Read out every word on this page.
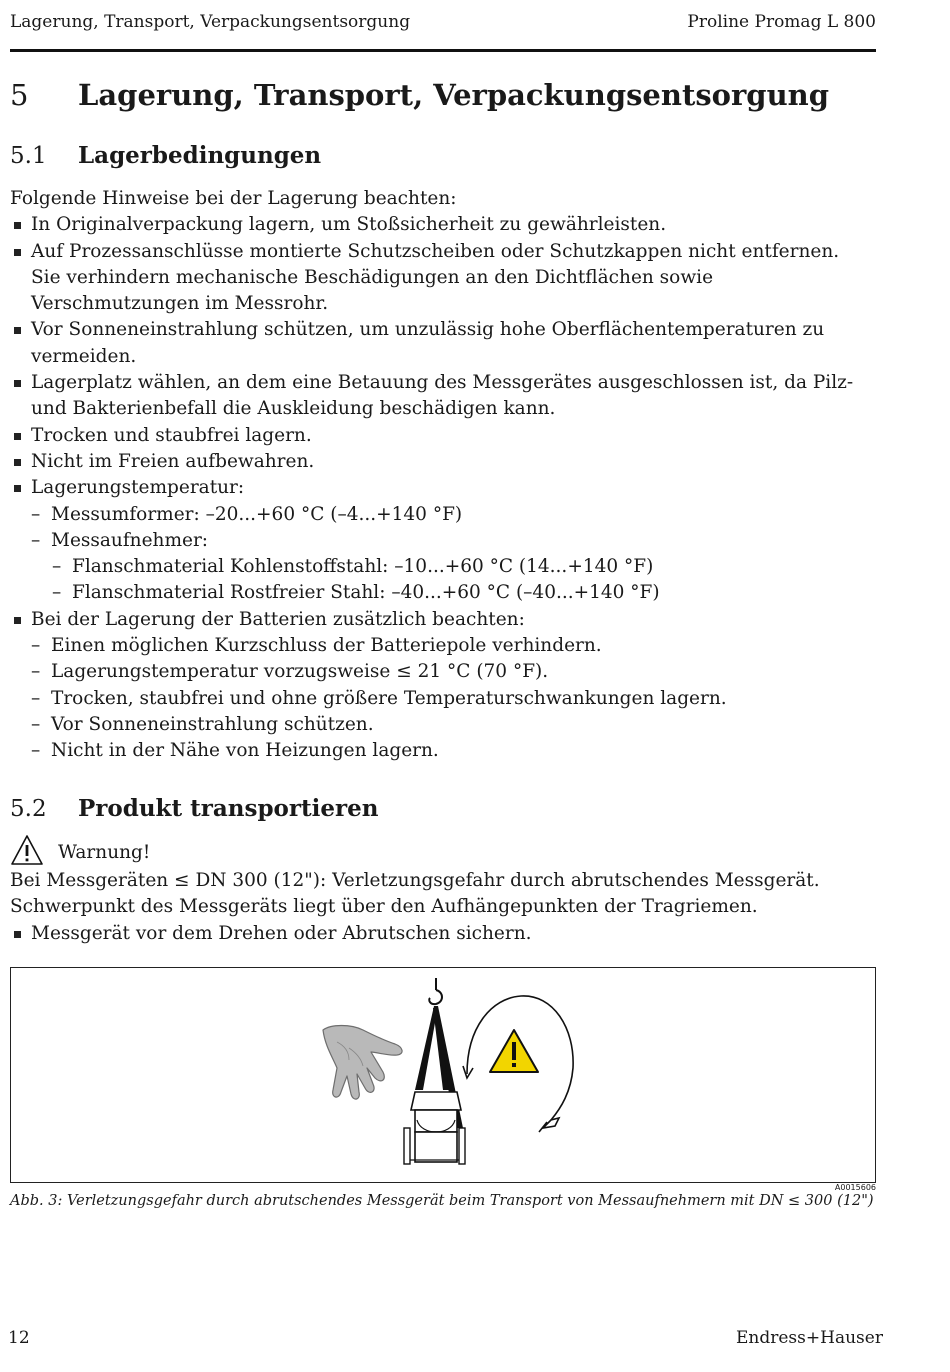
Lagerung, Transport, Verpackungsentsorgung	Proline Promag L 800
5 Lagerung, Transport, Verpackungsentsorgung
5.1 Lagerbedingungen
Folgende Hinweise bei der Lagerung beachten:
In Originalverpackung lagern, um Stoßsicherheit zu gewährleisten.
Auf Prozessanschlüsse montierte Schutzscheiben oder Schutzkappen nicht entfernen.
Sie verhindern mechanische Beschädigungen an den Dichtflächen sowie Verschmutzungen im Messrohr.
Vor Sonneneinstrahlung schützen, um unzulässig hohe Oberflächentemperaturen zu vermeiden.
Lagerplatz wählen, an dem eine Betauung des Messgerätes ausgeschlossen ist, da Pilz- und Bakterienbefall die Auskleidung beschädigen kann.
Trocken und staubfrei lagern.
Nicht im Freien aufbewahren.
Lagerungstemperatur:
– Messumformer: –20...+60 °C (–4...+140 °F)
– Messaufnehmer:
– Flanschmaterial Kohlenstoffstahl: –10...+60 °C (14...+140 °F)
– Flanschmaterial Rostfreier Stahl: –40...+60 °C (–40...+140 °F)
Bei der Lagerung der Batterien zusätzlich beachten:
– Einen möglichen Kurzschluss der Batteriepole verhindern.
– Lagerungstemperatur vorzugsweise ≤ 21 °C (70 °F).
– Trocken, staubfrei und ohne größere Temperaturschwankungen lagern.
– Vor Sonneneinstrahlung schützen.
– Nicht in der Nähe von Heizungen lagern.
5.2 Produkt transportieren
Warnung!
Bei Messgeräten ≤ DN 300 (12"): Verletzungsgefahr durch abrutschendes Messgerät.
Schwerpunkt des Messgeräts liegt über den Aufhängepunkten der Tragriemen.
Messgerät vor dem Drehen oder Abrutschen sichern.
A0015606
Abb. 3: Verletzungsgefahr durch abrutschendes Messgerät beim Transport von Messaufnehmern mit DN ≤ 300 (12")
12	Endress+Hauser
